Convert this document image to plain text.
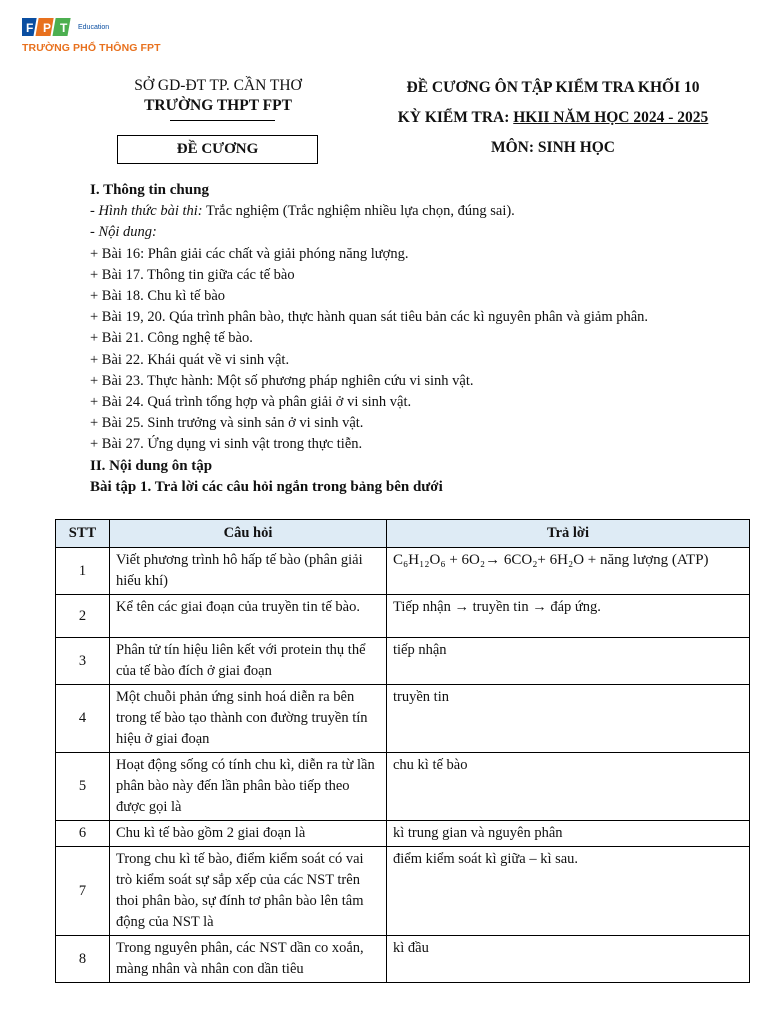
F P T Education
TRƯỜNG PHỔ THÔNG FPT
SỞ GD-ĐT TP. CẦN THƠ
TRƯỜNG THPT FPT
ĐỀ CƯƠNG
ĐỀ CƯƠNG ÔN TẬP KIỂM TRA KHỐI 10
KỲ KIỂM TRA: HKII NĂM HỌC 2024 - 2025
MÔN: SINH HỌC
I. Thông tin chung
- Hình thức bài thi: Trắc nghiệm (Trắc nghiệm nhiều lựa chọn, đúng sai).
- Nội dung:
+ Bài 16: Phân giải các chất và giải phóng năng lượng.
+ Bài 17. Thông tin giữa các tế bào
+ Bài 18. Chu kì tế bào
+ Bài 19, 20. Qúa trình phân bào, thực hành quan sát tiêu bản các kì nguyên phân và giảm phân.
+ Bài 21. Công nghệ tế bào.
+ Bài 22. Khái quát về vi sinh vật.
+ Bài 23. Thực hành: Một số phương pháp nghiên cứu vi sinh vật.
+ Bài 24. Quá trình tổng hợp và phân giải ở vi sinh vật.
+ Bài 25. Sinh trưởng và sinh sản ở vi sinh vật.
+ Bài 27. Ứng dụng vi sinh vật trong thực tiễn.
II. Nội dung ôn tập
Bài tập 1. Trả lời các câu hỏi ngắn trong bảng bên dưới
STT	Câu hỏi	Trả lời
1	Viết phương trình hô hấp tế bào (phân giải hiếu khí)	C₆H₁₂O₆ + 6O₂→ 6CO₂+ 6H₂O + năng lượng (ATP)
2	Kể tên các giai đoạn của truyền tin tế bào.	Tiếp nhận → truyền tin → đáp ứng.
3	Phân tử tín hiệu liên kết với protein thụ thể của tế bào đích ở giai đoạn	tiếp nhận
4	Một chuỗi phản ứng sinh hoá diễn ra bên trong tế bào tạo thành con đường truyền tín hiệu ở giai đoạn	truyền tin
5	Hoạt động sống có tính chu kì, diễn ra từ lần phân bào này đến lần phân bào tiếp theo được gọi là	chu kì tế bào
6	Chu kì tế bào gồm 2 giai đoạn là	kì trung gian và nguyên phân
7	Trong chu kì tế bào, điểm kiểm soát có vai trò kiểm soát sự sắp xếp của các NST trên thoi phân bào, sự đính tơ phân bào lên tâm động của NST là	điểm kiểm soát kì giữa – kì sau.
8	Trong nguyên phân, các NST dần co xoắn, màng nhân và nhân con dần tiêu	kì đầu
